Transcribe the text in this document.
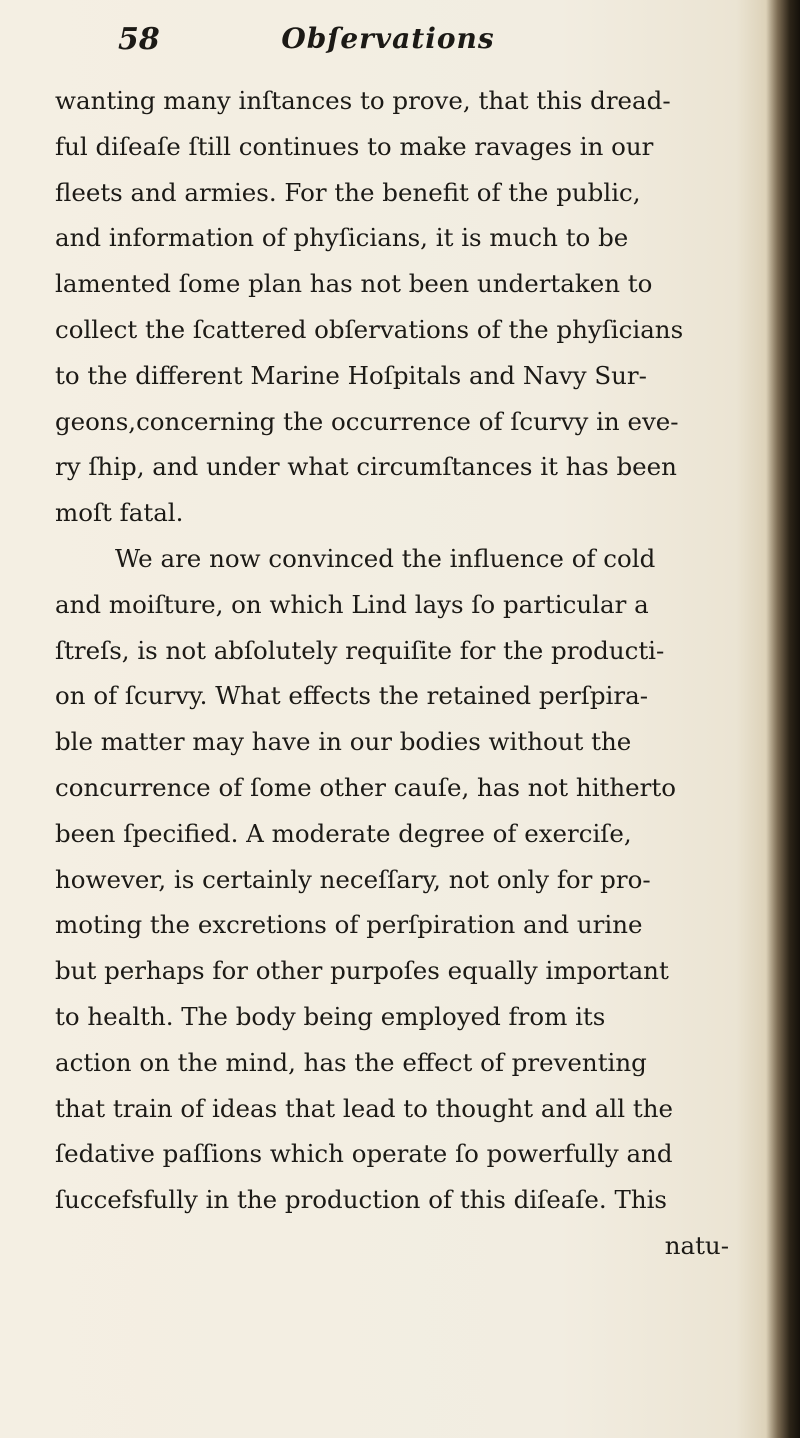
58	Obſervations
wanting many inſtances to prove, that this dread-
ful diſeaſe ſtill continues to make ravages in our
fleets and armies. For the benefit of the public,
and information of phyſicians, it is much to be
lamented ſome plan has not been undertaken to
collect the ſcattered obſervations of the phyſicians
to the different Marine Hoſpitals and Navy Sur-
geons,concerning the occurrence of ſcurvy in eve-
ry ſhip, and under what circumſtances it has been
moſt fatal.
We are now convinced the influence of cold
and moiſture, on which Lind lays ſo particular a
ſtreſs, is not abſolutely requiſite for the producti-
on of ſcurvy. What effects the retained perſpira-
ble matter may have in our bodies without the
concurrence of ſome other cauſe, has not hitherto
been ſpecified. A moderate degree of exerciſe,
however, is certainly neceſſary, not only for pro-
moting the excretions of perſpiration and urine
but perhaps for other purpoſes equally important
to health. The body being employed from its
action on the mind, has the effect of preventing
that train of ideas that lead to thought and all the
ſedative paſſions which operate ſo powerfully and
ſuccefsfully in the production of this diſeaſe. This
natu-
